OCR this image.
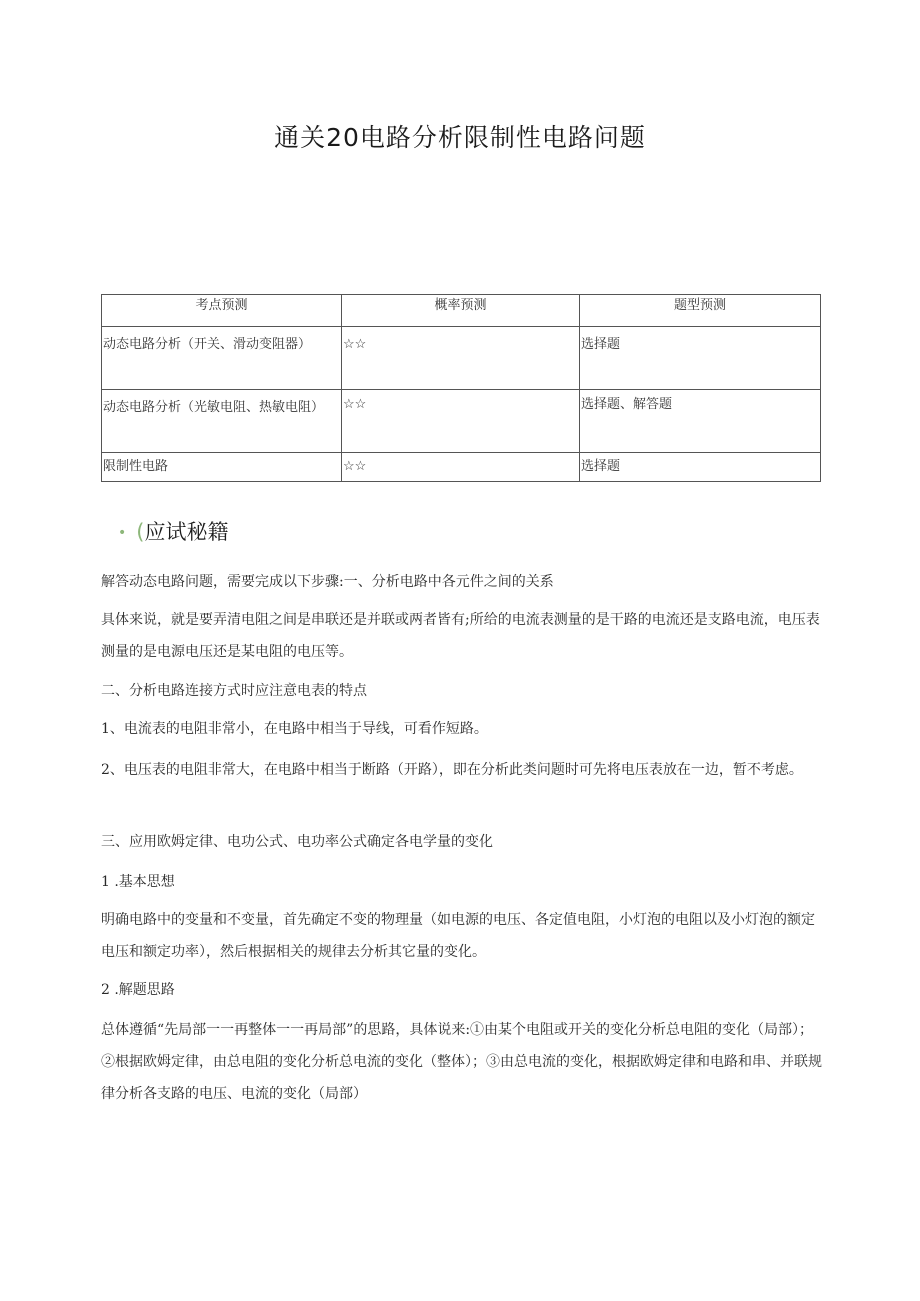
通关20电路分析限制性电路问题
考点预测	概率预测	题型预测
动态电路分析（开关、滑动变阻器）	☆☆	选择题

动态电路分析（光敏电阻、热敏电阻）	☆☆	选择题、解答题

限制性电路	☆☆	选择题
• (应试秘籍

解答动态电路问题，需要完成以下步骤:一、分析电路中各元件之间的关系

具体来说，就是要弄清电阻之间是串联还是并联或两者皆有;所给的电流表测量的是干路的电流还是支路电流，电压表测量的是电源电压还是某电阻的电压等。

二、分析电路连接方式时应注意电表的特点

1、电流表的电阻非常小，在电路中相当于导线，可看作短路。

2、电压表的电阻非常大，在电路中相当于断路（开路），即在分析此类问题时可先将电压表放在一边，暂不考虑。

三、应用欧姆定律、电功公式、电功率公式确定各电学量的变化

1 .基本思想

明确电路中的变量和不变量，首先确定不变的物理量（如电源的电压、各定值电阻，小灯泡的电阻以及小灯泡的额定电压和额定功率），然后根据相关的规律去分析其它量的变化。

2 .解题思路

总体遵循“先局部一一再整体一一再局部”的思路，具体说来:①由某个电阻或开关的变化分析总电阻的变化（局部）；②根据欧姆定律，由总电阻的变化分析总电流的变化（整体）；③由总电流的变化，根据欧姆定律和电路和串、并联规律分析各支路的电压、电流的变化（局部）
